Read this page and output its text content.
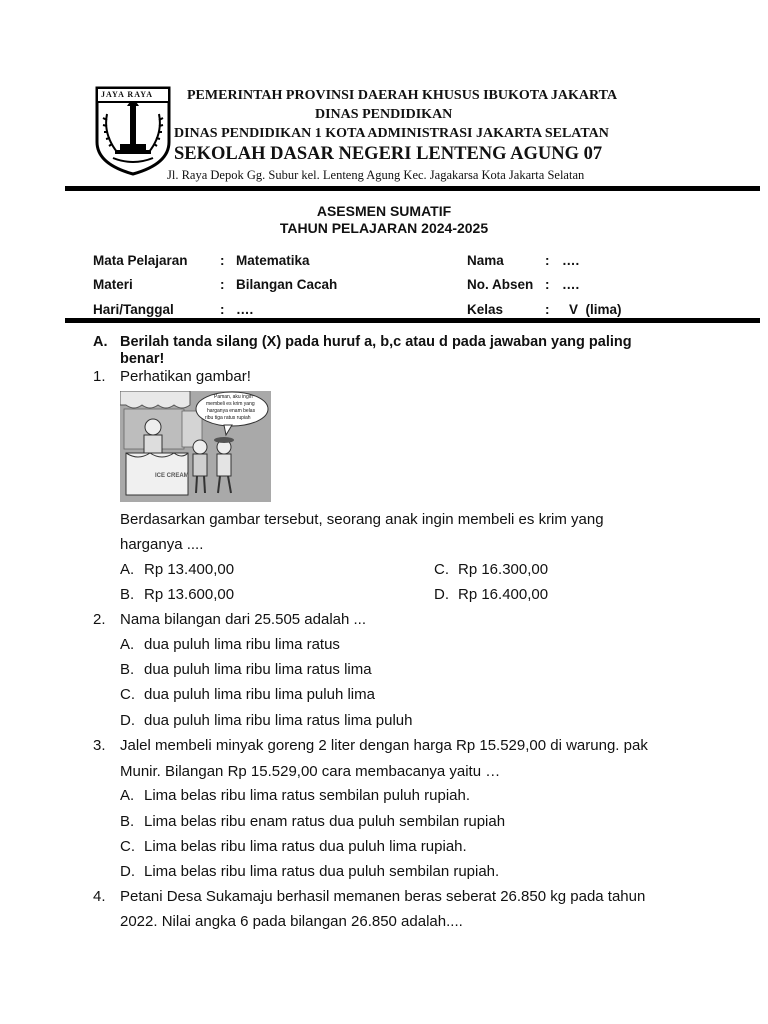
JAYA RAYA PEMERINTAH PROVINSI DAERAH KHUSUS IBUKOTA JAKARTA
DINAS PENDIDIKAN
DINAS PENDIDIKAN 1 KOTA ADMINISTRASI JAKARTA SELATAN
SEKOLAH DASAR NEGERI LENTENG AGUNG 07
Jl. Raya Depok Gg. Subur kel. Lenteng Agung Kec. Jagakarsa Kota Jakarta Selatan
ASESMEN SUMATIF
TAHUN PELAJARAN 2024-2025
Mata Pelajaran : Matematika
Materi	: Bilangan Cacah
Hari/Tanggal	: ….
Nama	: ….
No. Absen : ….
Kelas	: V  (lima)
A. Berilah tanda silang (X) pada huruf a, b,c atau d pada jawaban yang paling
benar!
1. Perhatikan gambar!
Paman, aku ingin
membeli es krim yang
harganya enam belas
ribu tiga ratus rupiah
ICE CREAM
Berdasarkan gambar tersebut, seorang anak ingin membeli es krim yang
harganya ....
A. Rp 13.400,00	C. Rp 16.300,00
B. Rp 13.600,00	D. Rp 16.400,00
2. Nama bilangan dari 25.505 adalah ...
A. dua puluh lima ribu lima ratus
B. dua puluh lima ribu lima ratus lima
C. dua puluh lima ribu lima puluh lima
D. dua puluh lima ribu lima ratus lima puluh
3. Jalel membeli minyak goreng 2 liter dengan harga Rp 15.529,00 di warung. pak
Munir. Bilangan Rp 15.529,00 cara membacanya yaitu …
A. Lima belas ribu lima ratus sembilan puluh rupiah.
B. Lima belas ribu enam ratus dua puluh sembilan rupiah
C. Lima belas ribu lima ratus dua puluh lima rupiah.
D. Lima belas ribu lima ratus dua puluh sembilan rupiah.
4. Petani Desa Sukamaju berhasil memanen beras seberat 26.850 kg pada tahun
2022. Nilai angka 6 pada bilangan 26.850 adalah....
